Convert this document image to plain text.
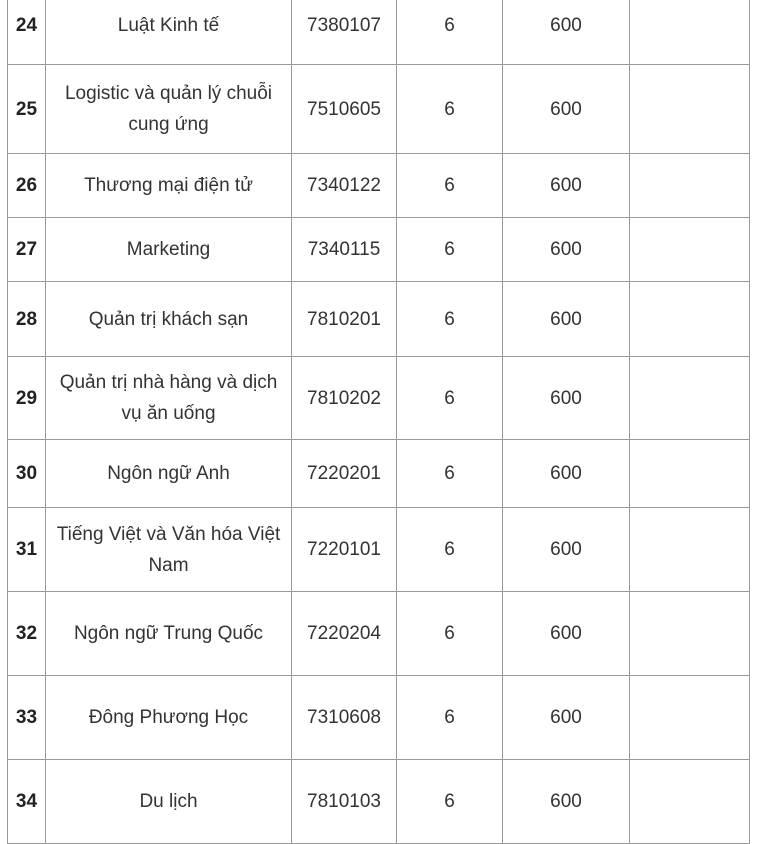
24	Luật Kinh tế	7380107	6	600	
25	Logistic và quản lý chuỗi cung ứng	7510605	6	600	
26	Thương mại điện tử	7340122	6	600	
27	Marketing	7340115	6	600	
28	Quản trị khách sạn	7810201	6	600	
29	Quản trị nhà hàng và dịch vụ ăn uống	7810202	6	600	
30	Ngôn ngữ Anh	7220201	6	600	
31	Tiếng Việt và Văn hóa Việt Nam	7220101	6	600	
32	Ngôn ngữ Trung Quốc	7220204	6	600	
33	Đông Phương Học	7310608	6	600	
34	Du lịch	7810103	6	600	
